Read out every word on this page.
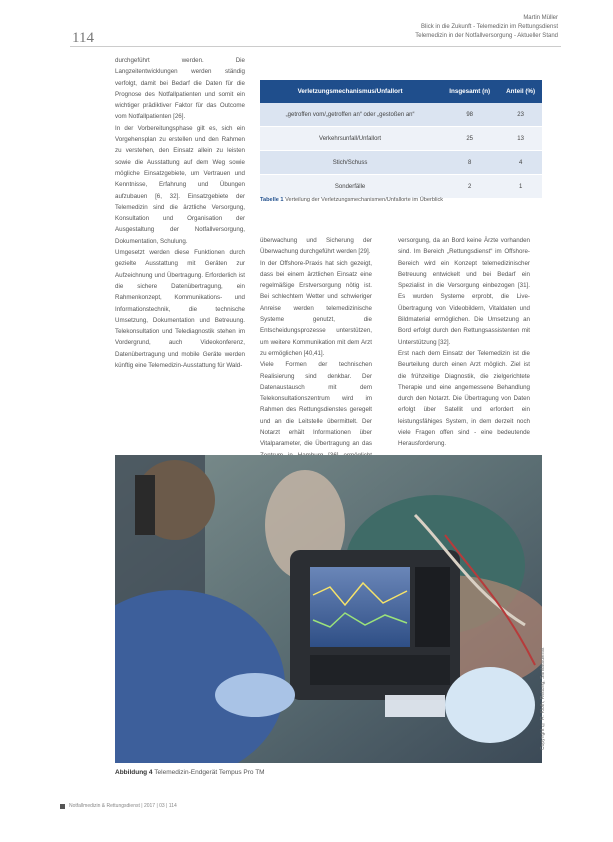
114
Martin Müller
Blick in die Zukunft - Telemedizin im Rettungsdienst
Telemedizin in der Notfallversorgung - Aktueller Stand

durchgeführt werden. Die Langzeitentwicklungen werden ständig verfolgt, damit bei Bedarf die Daten für die Prognose des Notfallpatienten und somit ein wichtiger prädiktiver Faktor für das Outcome vom Notfallpatienten [26].

In der Vorbereitungsphase gilt es, sich ein Vorgehensplan zu erstellen und den Rahmen zu verstehen, den Einsatz allein zu leisten sowie die Ausstattung auf dem Weg sowie mögliche Einsatzgebiete, um Vertrauen und Kenntnisse, Erfahrung und Übungen aufzubauen [6, 32]. Einsatzgebiete der Telemedizin sind die ärztliche Versorgung, Konsultation und Organisation der Ausgestaltung der Notfallversorgung, Dokumentation, Schulung.

Umgesetzt werden diese Funktionen durch gezielte Ausstattung mit Geräten zur Aufzeichnung und Übertragung. Erforderlich ist die sichere Datenübertragung, ein Rahmenkonzept, Kommunikations- und Informationstechnik, die technische Umsetzung, Dokumentation und Betreuung. Telekonsultation und Telediagnostik stehen im Vordergrund, auch Videokonferenz, Datenübertragung und mobile Geräte werden künftig eine Telemedizin-Ausstattung für Wald-

Verletzungsmechanismus/Unfallort	Insgesamt (n)	Anteil (%)
„getroffen vom/„getroffen an“ oder „gestoßen an“	98	23
Verkehrsunfall/Unfallort	25	13
Stich/Schuss	8	4
Sonderfälle	2	1
Tabelle 1 Verteilung der Verletzungsmechanismen/Unfallorte im Überblick

überwachung und Sicherung der Überwachung durchgeführt werden [29].

In der Offshore-Praxis hat sich gezeigt, dass bei einem ärztlichen Einsatz eine regelmäßige Erstversorgung nötig ist. Bei schlechtem Wetter und schwieriger Anreise werden telemedizinische Systeme genutzt, die Entscheidungsprozesse unterstützen, um weitere Kommunikation mit dem Arzt zu ermöglichen [40,41].

Viele Formen der technischen Realisierung sind denkbar. Der Datenaustausch mit dem Telekonsultationszentrum wird im Rahmen des Rettungsdienstes geregelt und an die Leitstelle übermittelt. Der Notarzt erhält Informationen über Vitalparameter, die Übertragung an das

versorgung, da an Bord keine Ärzte vorhanden sind. Im Bereich „Rettungsdienst“ im Offshore-Bereich wird ein Konzept telemedizinischer Betreuung entwickelt und bei Bedarf ein Spezialist in die Versorgung einbezogen [31]. Es wurden Systeme erprobt, die Live-Übertragung von Videobildern, Vitaldaten und Bildmaterial ermöglichen. Die Umsetzung an Bord erfolgt durch den Rettungsassistenten mit Unterstützung [32].

Erst nach dem Einsatz der Telemedizin ist die Beurteilung durch einen Arzt möglich. Ziel ist die frühzeitige Diagnostik, die zielgerichtete Therapie und eine angemessene Behandlung durch den Notarzt. Die Übertragung von Daten erfolgt über Satellit und erfordert ein leistungsfähiges System, in dem derzeit noch viele Fragen offen sind - eine bedeutende Herausforderung.

Copyright © R. Kloth, Rettung, Sanitätsdienst
Abbildung 4 Telemedizin-Endgerät Tempus Pro TM
Notfallmedizin & Rettungsdienst | 2017 | 03 | 114
